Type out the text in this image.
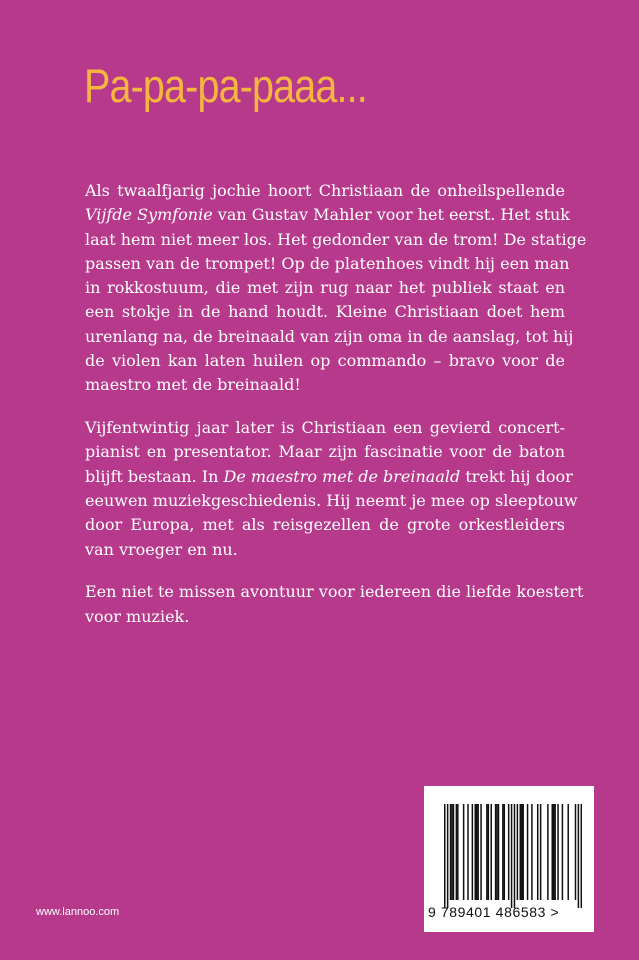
Pa-pa-pa-paaa...

Als twaalfjarig jochie hoort Christiaan de onheilspellende
Vijfde Symfonie van Gustav Mahler voor het eerst. Het stuk
laat hem niet meer los. Het gedonder van de trom! De statige
passen van de trompet! Op de platenhoes vindt hij een man
in rokkostuum, die met zijn rug naar het publiek staat en
een stokje in de hand houdt. Kleine Christiaan doet hem
urenlang na, de breinaald van zijn oma in de aanslag, tot hij
de violen kan laten huilen op commando – bravo voor de
maestro met de breinaald!

Vijfentwintig jaar later is Christiaan een gevierd concert-
pianist en presentator. Maar zijn fascinatie voor de baton
blijft bestaan. In De maestro met de breinaald trekt hij door
eeuwen muziekgeschiedenis. Hij neemt je mee op sleeptouw
door Europa, met als reisgezellen de grote orkestleiders
van vroeger en nu.

Een niet te missen avontuur voor iedereen die liefde koestert
voor muziek.

www.lannoo.com	9 789401 486583 >
